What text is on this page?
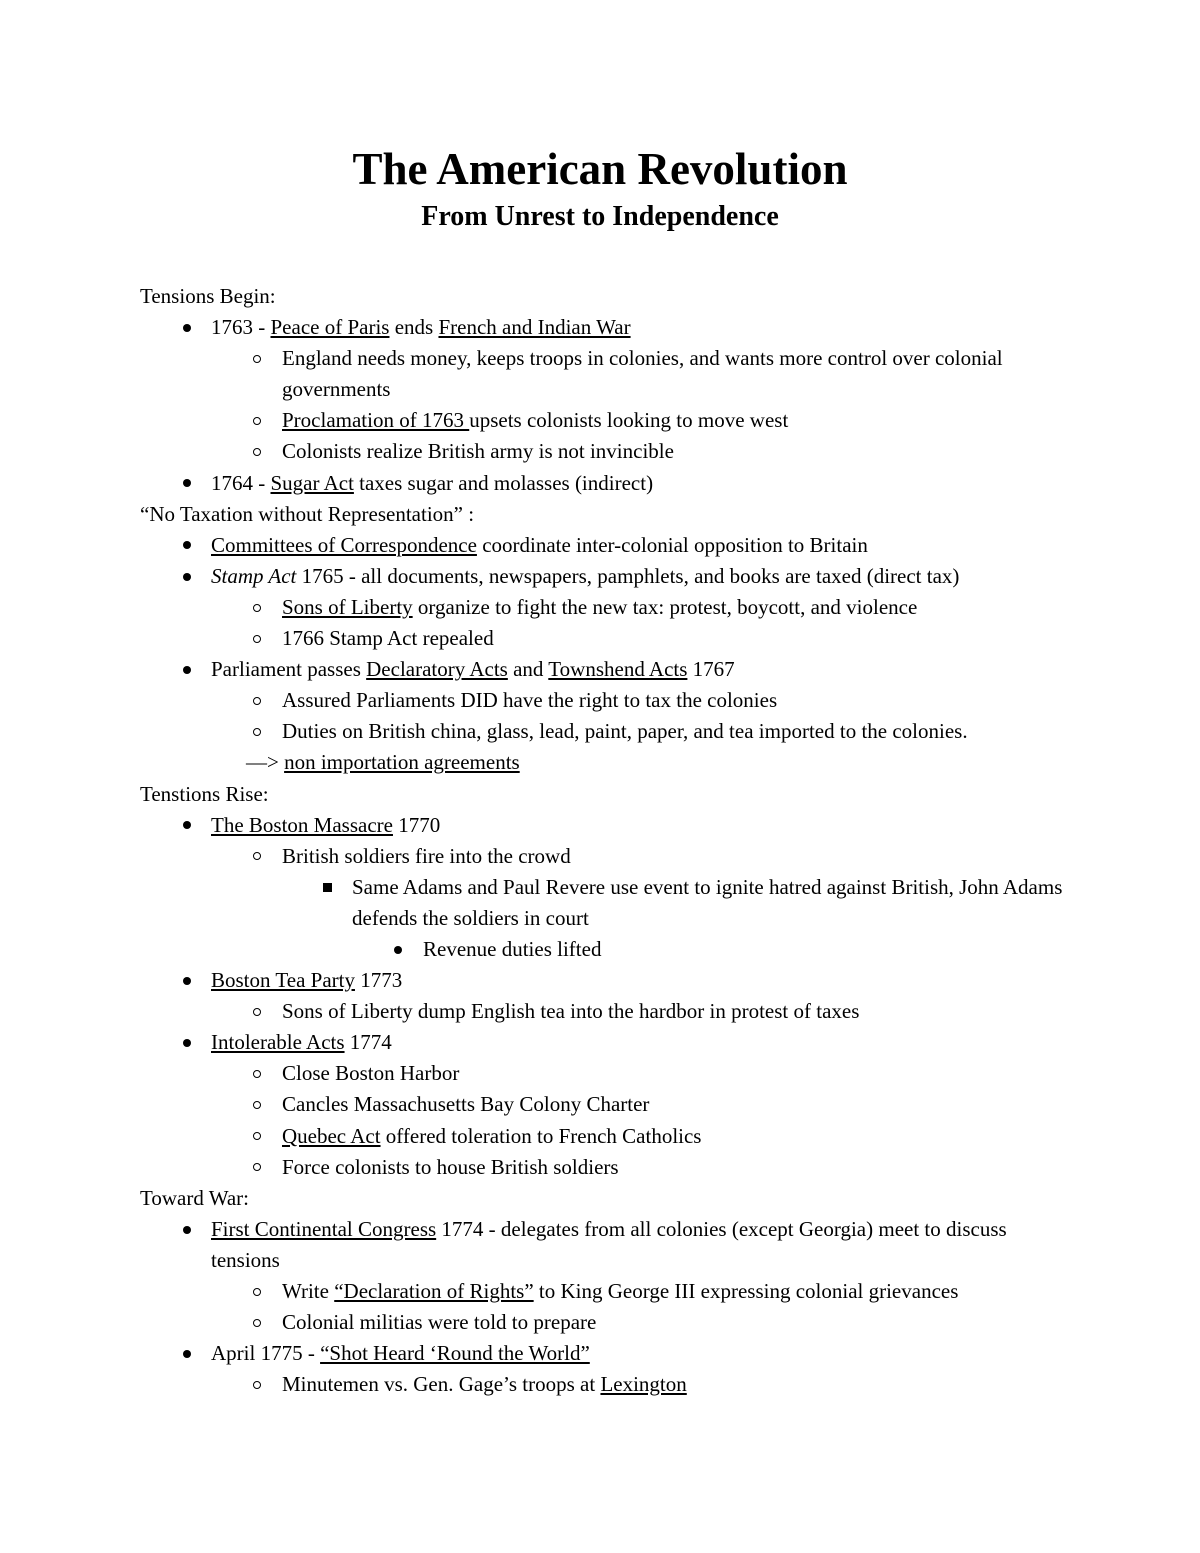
The American Revolution
From Unrest to Independence
Tensions Begin:
1763 - Peace of Paris ends French and Indian War
England needs money, keeps troops in colonies, and wants more control over colonial governments
Proclamation of 1763 upsets colonists looking to move west
Colonists realize British army is not invincible
1764 - Sugar Act taxes sugar and molasses (indirect)
“No Taxation without Representation” :
Committees of Correspondence coordinate inter-colonial opposition to Britain
Stamp Act 1765 - all documents, newspapers, pamphlets, and books are taxed (direct tax)
Sons of Liberty organize to fight the new tax: protest, boycott, and violence
1766 Stamp Act repealed
Parliament passes Declaratory Acts and Townshend Acts 1767
Assured Parliaments DID have the right to tax the colonies
Duties on British china, glass, lead, paint, paper, and tea imported to the colonies.
—> non importation agreements
Tenstions Rise:
The Boston Massacre 1770
British soldiers fire into the crowd
Same Adams and Paul Revere use event to ignite hatred against British, John Adams defends the soldiers in court
Revenue duties lifted
Boston Tea Party 1773
Sons of Liberty dump English tea into the hardbor in protest of taxes
Intolerable Acts 1774
Close Boston Harbor
Cancles Massachusetts Bay Colony Charter
Quebec Act offered toleration to French Catholics
Force colonists to house British soldiers
Toward War:
First Continental Congress 1774 - delegates from all colonies (except Georgia) meet to discuss tensions
Write “Declaration of Rights” to King George III expressing colonial grievances
Colonial militias were told to prepare
April 1775 - “Shot Heard ‘Round the World”
Minutemen vs. Gen. Gage’s troops at Lexington
